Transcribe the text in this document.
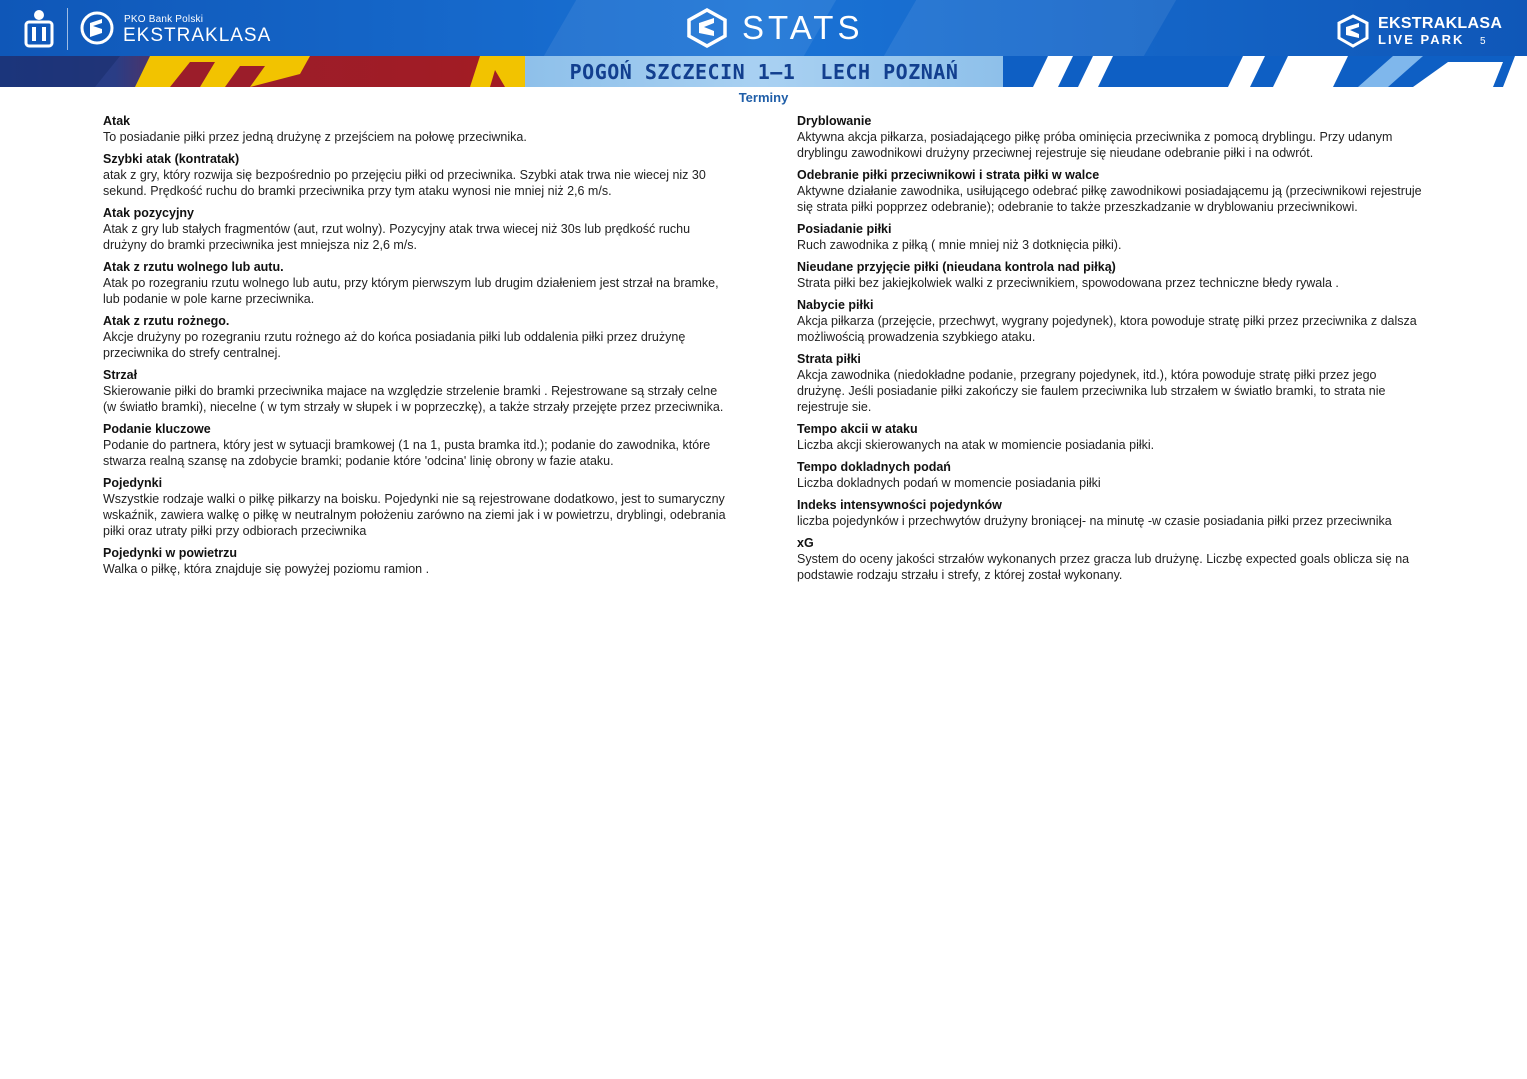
PKO Bank Polski
EKSTRAKLASA	STATS	EKSTRAKLASA
LIVE PARK 5
POGOŃ SZCZECIN 1–1  LECH POZNAŃ
Terminy
Atak
To posiadanie piłki przez jedną drużynę z przejściem na połowę przeciwnika.
Szybki atak (kontratak)
atak z gry, który rozwija się bezpośrednio po przejęciu piłki od przeciwnika. Szybki atak trwa nie wiecej niz 30 sekund. Prędkość ruchu do bramki przeciwnika przy tym ataku wynosi nie mniej niż 2,6 m/s.
Atak pozycyjny
Atak z gry lub stałych fragmentów (aut, rzut wolny). Pozycyjny atak trwa wiecej niż 30s lub prędkość ruchu drużyny do bramki przeciwnika jest mniejsza niz 2,6 m/s.
Atak z rzutu wolnego lub autu.
Atak po rozegraniu rzutu wolnego lub autu, przy którym pierwszym lub drugim działeniem jest strzał na bramke, lub podanie w pole karne przeciwnika.
Atak z rzutu rożnego.
Akcje drużyny po rozegraniu rzutu rożnego aż do końca posiadania piłki lub oddalenia piłki przez drużynę przeciwnika do strefy centralnej.
Strzał
Skierowanie piłki do bramki przeciwnika majace na względzie strzelenie bramki . Rejestrowane są strzały celne (w światło bramki), niecelne ( w tym strzały w słupek i w poprzeczkę), a także strzały przejęte przez przeciwnika.
Podanie kluczowe
Podanie do partnera, który jest w sytuacji bramkowej (1 na 1, pusta bramka itd.); podanie do zawodnika, które stwarza realną szansę na zdobycie bramki; podanie które 'odcina' linię obrony w fazie ataku.
Pojedynki
Wszystkie rodzaje walki o piłkę piłkarzy na boisku. Pojedynki nie są rejestrowane dodatkowo, jest to sumaryczny wskaźnik, zawiera walkę o piłkę w neutralnym położeniu zarówno na ziemi jak i w powietrzu, dryblingi, odebrania piłki oraz utraty piłki przy odbiorach przeciwnika
Pojedynki w powietrzu
Walka o piłkę, która znajduje się powyżej poziomu ramion .
Dryblowanie
Aktywna akcja piłkarza, posiadającego piłkę próba ominięcia przeciwnika z pomocą dryblingu. Przy udanym dryblingu zawodnikowi drużyny przeciwnej rejestruje się nieudane odebranie piłki i na odwrót.
Odebranie piłki przeciwnikowi i strata piłki w walce
Aktywne działanie zawodnika, usiłującego odebrać piłkę zawodnikowi posiadającemu ją (przeciwnikowi rejestruje się strata piłki popprzez odebranie); odebranie to także przeszkadzanie w dryblowaniu przeciwnikowi.
Posiadanie piłki
Ruch zawodnika z piłką ( mnie mniej niż 3 dotknięcia piłki).
Nieudane przyjęcie piłki (nieudana kontrola nad piłką)
Strata piłki bez jakiejkolwiek walki z przeciwnikiem, spowodowana przez techniczne błedy rywala .
Nabycie piłki
Akcja piłkarza (przejęcie, przechwyt, wygrany pojedynek), ktora powoduje stratę piłki przez przeciwnika z dalsza możliwością prowadzenia szybkiego ataku.
Strata piłki
Akcja zawodnika (niedokładne podanie, przegrany pojedynek, itd.), która powoduje stratę piłki przez jego drużynę. Jeśli posiadanie piłki zakończy sie faulem przeciwnika lub strzałem w światło bramki, to strata nie rejestruje sie.
Tempo akcii w ataku
Liczba akcji skierowanych na atak w momiencie posiadania piłki.
Tempo dokladnych podań
Liczba dokladnych podań w momencie posiadania piłki
Indeks intensywności pojedynków
liczba pojedynków i przechwytów drużyny broniącej- na minutę -w czasie posiadania piłki przez przeciwnika
xG
System do oceny jakości strzałów wykonanych przez gracza lub drużynę. Liczbę expected goals oblicza się na podstawie rodzaju strzału i strefy, z której został wykonany.
